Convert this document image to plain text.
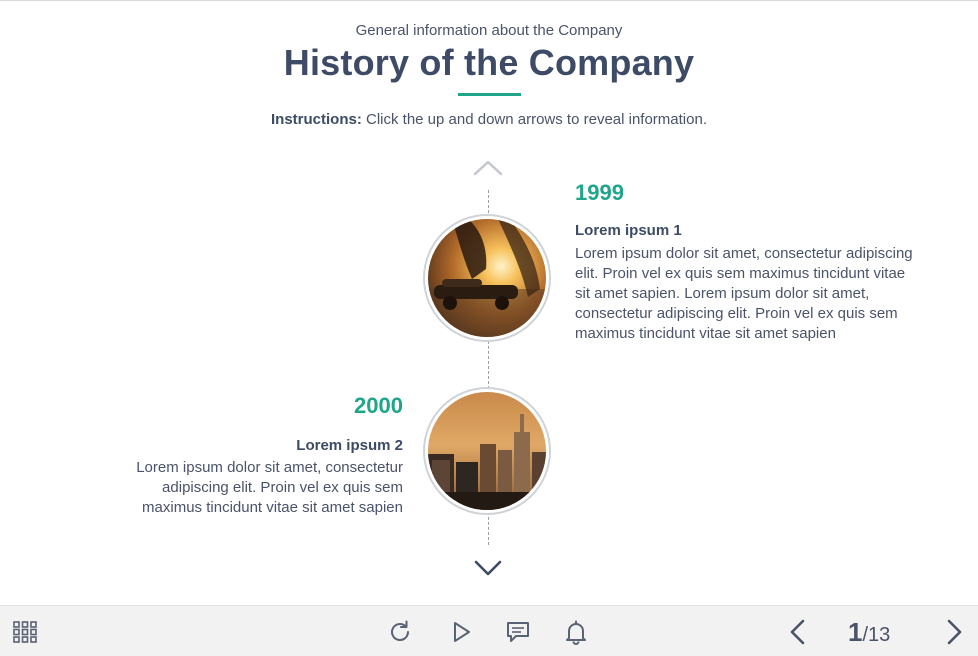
General information about the Company
History of the Company
Instructions: Click the up and down arrows to reveal information.
1999
Lorem ipsum 1
Lorem ipsum dolor sit amet, consectetur adipiscing elit. Proin vel ex quis sem maximus tincidunt vitae sit amet sapien. Lorem ipsum dolor sit amet, consectetur adipiscing elit. Proin vel ex quis sem maximus tincidunt vitae sit amet sapien
2000
Lorem ipsum 2
Lorem ipsum dolor sit amet, consectetur adipiscing elit. Proin vel ex quis sem maximus tincidunt vitae sit amet sapien
1/13
